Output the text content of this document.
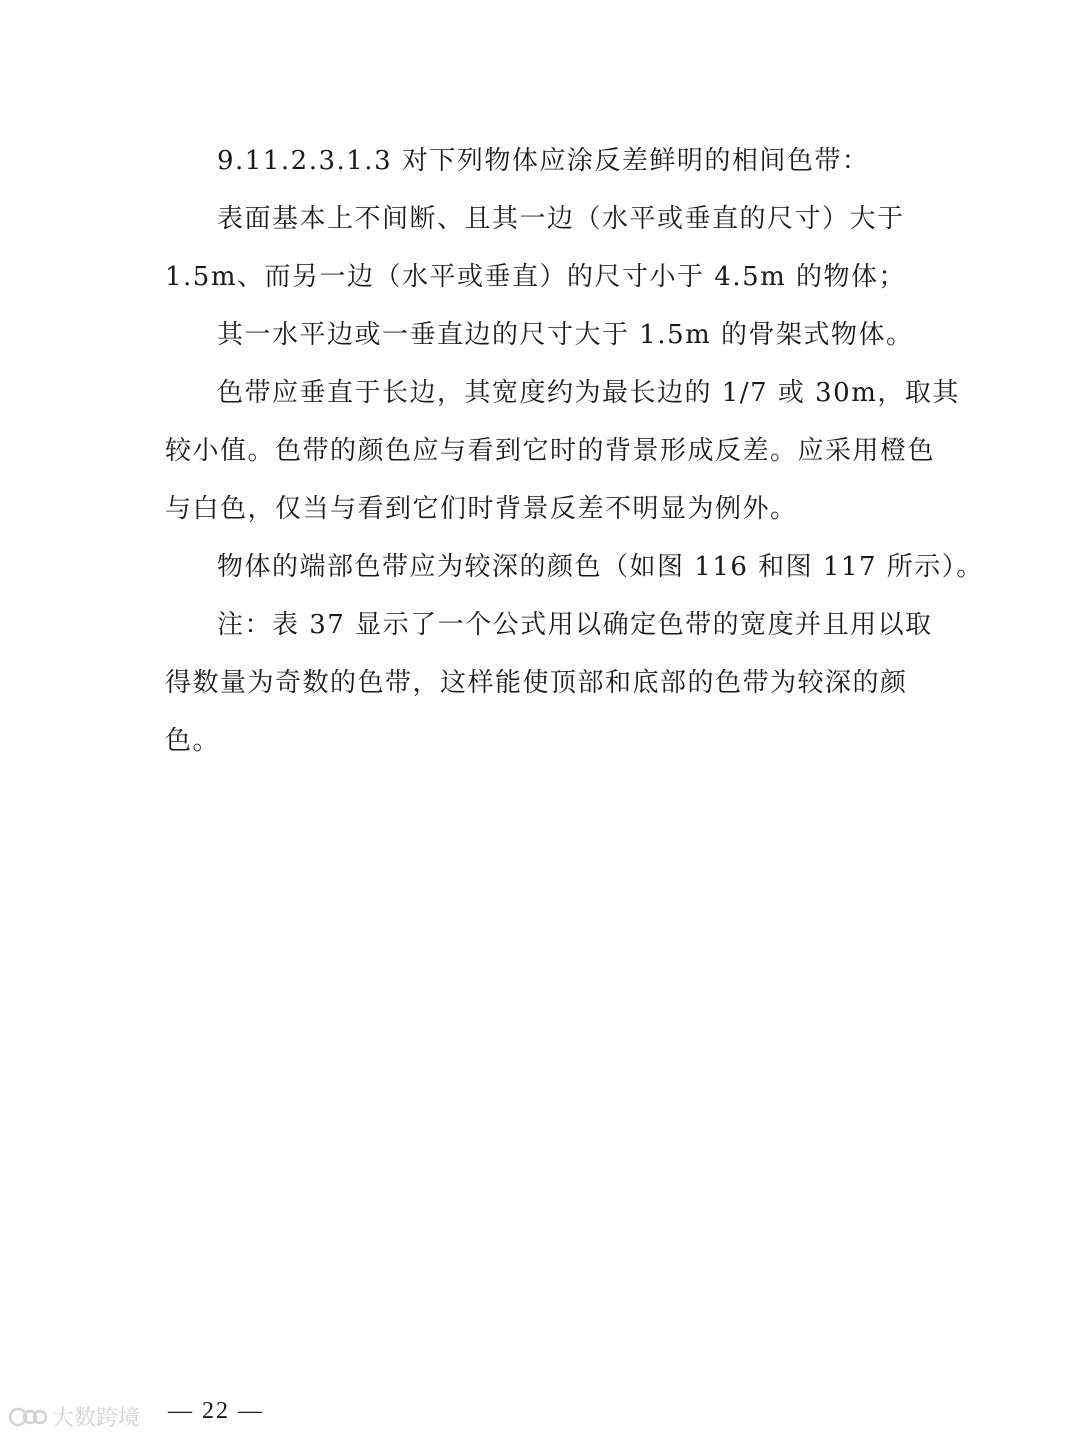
9.11.2.3.1.3 对下列物体应涂反差鲜明的相间色带：
表面基本上不间断、且其一边（水平或垂直的尺寸）大于
1.5m、而另一边（水平或垂直）的尺寸小于 4.5m 的物体；
其一水平边或一垂直边的尺寸大于 1.5m 的骨架式物体。
色带应垂直于长边，其宽度约为最长边的 1/7 或 30m，取其
较小值。色带的颜色应与看到它时的背景形成反差。应采用橙色
与白色，仅当与看到它们时背景反差不明显为例外。
物体的端部色带应为较深的颜色（如图 116 和图 117 所示）。
注：表 37 显示了一个公式用以确定色带的宽度并且用以取
得数量为奇数的色带，这样能使顶部和底部的色带为较深的颜
色。
大数跨境 — 22 —
